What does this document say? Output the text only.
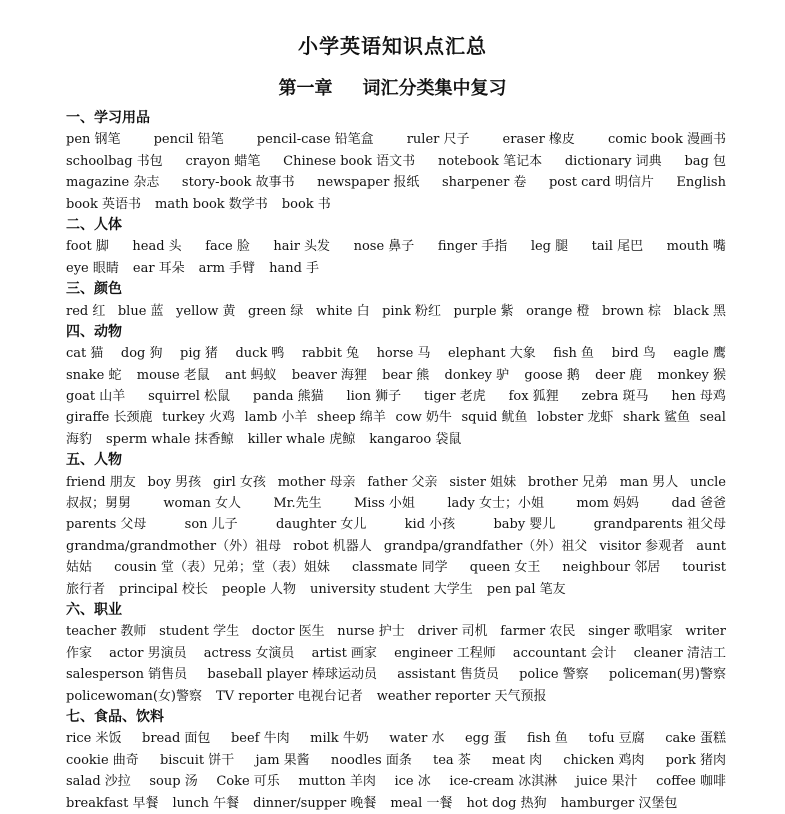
小学英语知识点汇总
第一章 词汇分类集中复习
一、学习用品
pen 钢笔	pencil 铅笔	pencil-case 铅笔盒	ruler 尺子	eraser 橡皮	comic book 漫画书
schoolbag 书包 crayon 蜡笔 Chinese book 语文书 notebook 笔记本 dictionary 词典 bag 包
magazine 杂志 story-book 故事书 newspaper 报纸 sharpener 卷 post card 明信片 English
book 英语书 math book 数学书 book 书
二、人体
foot 脚 head 头 face 脸 hair 头发 nose 鼻子 finger 手指 leg 腿 tail 尾巴 mouth 嘴
eye 眼睛 ear 耳朵 arm 手臂 hand 手
三、颜色
red 红 blue 蓝 yellow 黄 green 绿 white 白 pink 粉红 purple 紫 orange 橙 brown 棕 black 黑
四、动物
cat 猫 dog 狗 pig 猪 duck 鸭 rabbit 兔 horse 马 elephant 大象 fish 鱼 bird 鸟 eagle 鹰
snake 蛇 mouse 老鼠 ant 蚂蚁 beaver 海狸 bear 熊 donkey 驴 goose 鹅 deer 鹿 monkey 猴
goat 山羊 squirrel 松鼠 panda 熊猫 lion 狮子 tiger 老虎 fox 狐狸 zebra 斑马 hen 母鸡
giraffe 长颈鹿 turkey 火鸡 lamb 小羊 sheep 绵羊 cow 奶牛 squid 鱿鱼 lobster 龙虾 shark 鲨鱼 seal
海豹 sperm whale 抹香鲸 killer whale 虎鲸 kangaroo 袋鼠
五、人物
friend 朋友 boy 男孩 girl 女孩 mother 母亲 father 父亲 sister 姐妹 brother 兄弟 man 男人 uncle
叔叔；舅舅 woman 女人 Mr.先生 Miss 小姐 lady 女士；小姐 mom 妈妈 dad 爸爸
parents 父母	son 儿子	daughter 女儿	kid 小孩	baby 婴儿	grandparents 祖父母
grandma/grandmother（外）祖母 robot 机器人 grandpa/grandfather（外）祖父 visitor 参观者 aunt
姑姑 cousin 堂（表）兄弟；堂（表）姐妹 classmate 同学 queen 女王 neighbour 邻居 tourist
旅行者 principal 校长 people 人物 university student 大学生 pen pal 笔友
六、职业
teacher 教师 student 学生 doctor 医生 nurse 护士 driver 司机 farmer 农民 singer 歌唱家 writer
作家 actor 男演员 actress 女演员 artist 画家 engineer 工程师 accountant 会计 cleaner 清洁工
salesperson 销售员 baseball player 棒球运动员 assistant 售货员 police 警察 policeman(男)警察
policewoman(女)警察 TV reporter 电视台记者 weather reporter 天气预报
七、食品、饮料
rice 米饭 bread 面包 beef 牛肉 milk 牛奶 water 水 egg 蛋 fish 鱼 tofu 豆腐 cake 蛋糕
cookie 曲奇 biscuit 饼干 jam 果酱 noodles 面条 tea 茶 meat 肉 chicken 鸡肉 pork 猪肉
salad 沙拉 soup 汤 Coke 可乐 mutton 羊肉 ice 冰 ice-cream 冰淇淋 juice 果汁 coffee 咖啡
breakfast 早餐 lunch 午餐 dinner/supper 晚餐 meal 一餐 hot dog 热狗 hamburger 汉堡包
